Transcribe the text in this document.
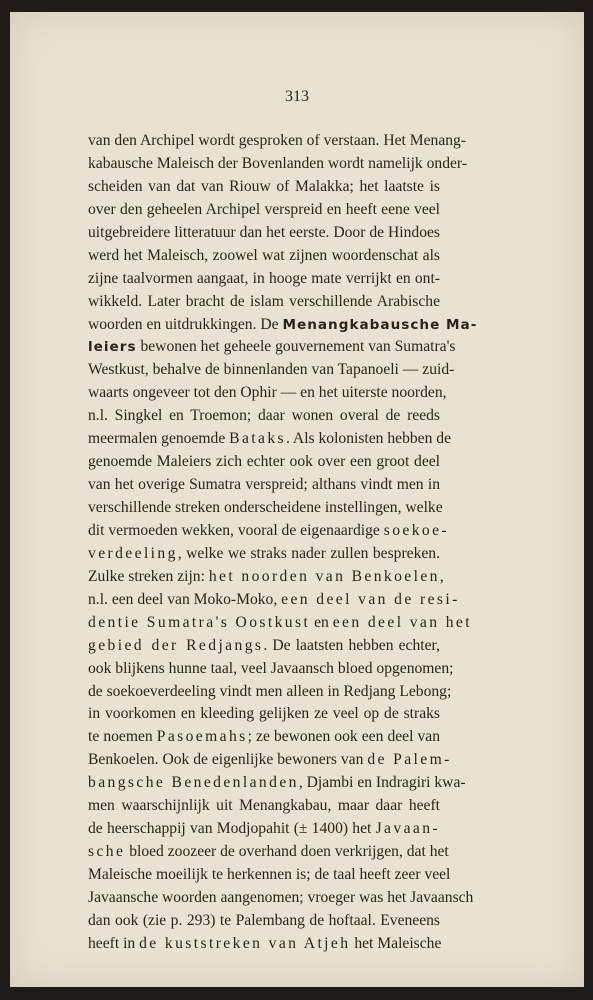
313
van den Archipel wordt gesproken of verstaan. Het Menang-
kabausche Maleisch der Bovenlanden wordt namelijk onder-
scheiden van dat van Riouw of Malakka; het laatste is
over den geheelen Archipel verspreid en heeft eene veel
uitgebreidere litteratuur dan het eerste. Door de Hindoes
werd het Maleisch, zoowel wat zijnen woordenschat als
zijne taalvormen aangaat, in hooge mate verrijkt en ont-
wikkeld. Later bracht de islam verschillende Arabische
woorden en uitdrukkingen. De Menangkabausche Ma-
leiers bewonen het geheele gouvernement van Sumatra's
Westkust, behalve de binnenlanden van Tapanoeli — zuid-
waarts ongeveer tot den Ophir — en het uiterste noorden,
n.l. Singkel en Troemon; daar wonen overal de reeds
meermalen genoemde Bataks. Als kolonisten hebben de
genoemde Maleiers zich echter ook over een groot deel
van het overige Sumatra verspreid; althans vindt men in
verschillende streken onderscheidene instellingen, welke
dit vermoeden wekken, vooral de eigenaardige soekoe-
verdeeling, welke we straks nader zullen bespreken.
Zulke streken zijn: het noorden van Benkoelen,
n.l. een deel van Moko-Moko, een deel van de resi-
dentie Sumatra's Oostkust en een deel van het
gebied der Redjangs. De laatsten hebben echter,
ook blijkens hunne taal, veel Javaansch bloed opgenomen;
de soekoeverdeeling vindt men alleen in Redjang Lebong;
in voorkomen en kleeding gelijken ze veel op de straks
te noemen Pasoemahs; ze bewonen ook een deel van
Benkoelen. Ook de eigenlijke bewoners van de Palem-
bangsche Benedenlanden, Djambi en Indragiri kwa-
men waarschijnlijk uit Menangkabau, maar daar heeft
de heerschappij van Modjopahit (± 1400) het Javaan-
sche bloed zoozeer de overhand doen verkrijgen, dat het
Maleische moeilijk te herkennen is; de taal heeft zeer veel
Javaansche woorden aangenomen; vroeger was het Javaansch
dan ook (zie p. 293) te Palembang de hoftaal. Eveneens
heeft in de kuststreken van Atjeh het Maleische
